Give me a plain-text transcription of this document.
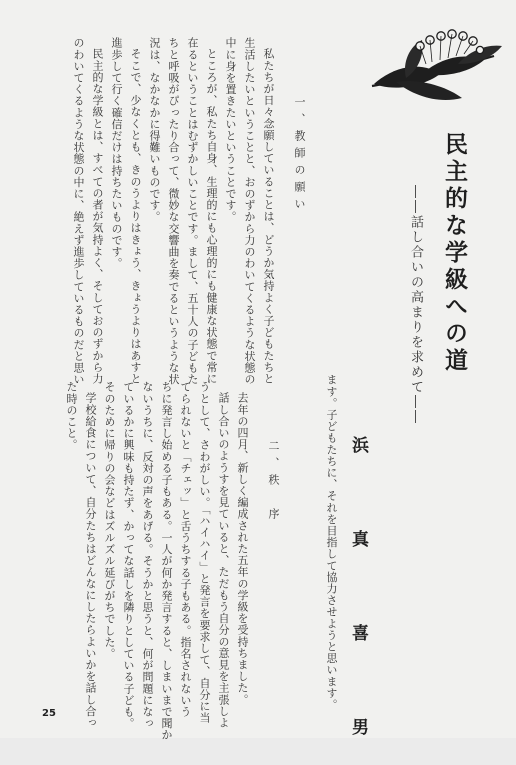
民主的な学級への道
――話し合いの高まりを求めて――
一、教師の願い
私たちが日々念願していることは、どうか気持よく子どもたちと
生活したいということと、おのずから力のわいてくるような状態の
中に身を置きたいということです。
ところが、私たち自身、生理的にも心理的にも健康な状態で常に
在るということはむずかしいことです。まして、五十人の子どもた
ちと呼吸がぴったり合って、微妙な交響曲を奏でるというような状
況は、なかなかに得難いものです。
そこで、少なくとも、きのうよりはきょう、きょうよりはあすと
進歩して行く確信だけは持ちたいものです。
民主的な学級とは、すべての者が気持よく、そしておのずから力
のわいてくるような状態の中に、絶えず進歩しているものだと思い
ます。子どもたちに、それを目指して協力させようと思います。
二、秩　序
去年の四月、新しく編成された五年の学級を受持ちました。
話し合いのようすを見ていると、ただもう自分の意見を主張しよ
うとして、さわがしい。「ハイハイ」と発言を要求して、自分に当
てられないと「チェッ」と舌うちする子もある。指名されないう
ちに発言し始める子もある。一人が何か発言すると、しまいまで聞か
ないうちに、反対の声をあげる。そうかと思うと、何が問題になっ
ているかに興味も持たず、かってな話しを隣りとしている子ども。
そのために帰りの会などはズルズル延びがちでした。
学校給食について、自分たちはどんなにしたらよいかを話し合っ
た時のこと。
浜　真　喜　男
25
